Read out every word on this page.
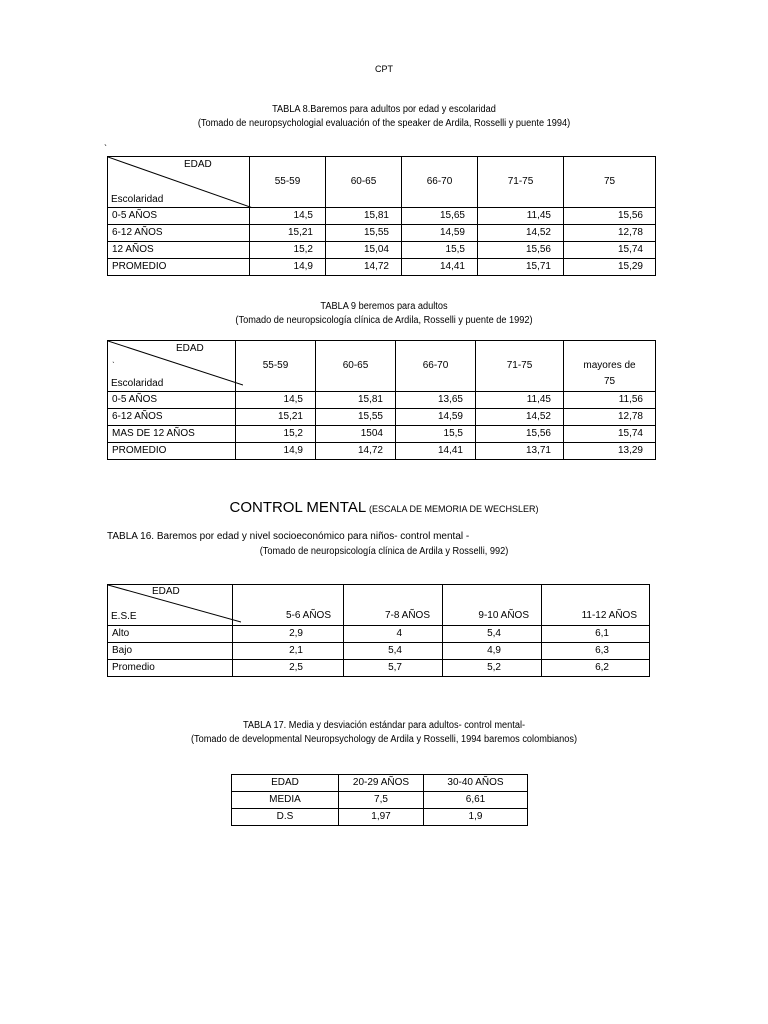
CPT
TABLA 8.Baremos para adultos por edad y escolaridad
(Tomado de neuropsychologial evaluación of the speaker de Ardila, Rosselli y puente 1994)
˴
EDAD
Escolaridad	55-59	60-65	66-70	71-75	75
0-5 AÑOS	14,5	15,81	15,65	11,45	15,56
6-12 AÑOS	15,21	15,55	14,59	14,52	12,78
12 AÑOS	15,2	15,04	15,5	15,56	15,74
PROMEDIO	14,9	14,72	14,41	15,71	15,29
TABLA 9 beremos para adultos
(Tomado de neuropsicología clínica de Ardila, Rosselli y puente de 1992)
EDAD
˴
Escolaridad	55-59	60-65	66-70	71-75	mayores de
75
0-5 AÑOS	14,5	15,81	13,65	11,45	11,56
6-12 AÑOS	15,21	15,55	14,59	14,52	12,78
MAS DE 12 AÑOS	15,2	1504	15,5	15,56	15,74
PROMEDIO	14,9	14,72	14,41	13,71	13,29
CONTROL MENTAL (ESCALA DE MEMORIA DE WECHSLER)
TABLA 16. Baremos por edad y nivel socioeconómico para niños- control mental -
(Tomado de neuropsicología clínica de Ardila y Rosselli, 992)
EDAD
E.S.E	5-6 AÑOS	7-8 AÑOS	9-10 AÑOS	11-12 AÑOS
Alto	2,9	4	5,4	6,1
Bajo	2,1	5,4	4,9	6,3
Promedio	2,5	5,7	5,2	6,2
TABLA 17. Media y desviación estándar para adultos- control mental-
(Tomado de developmental Neuropsychology de Ardila y Rosselli, 1994 baremos colombianos)
EDAD	20-29 AÑOS	30-40 AÑOS
MEDIA	7,5	6,61
D.S	1,97	1,9
